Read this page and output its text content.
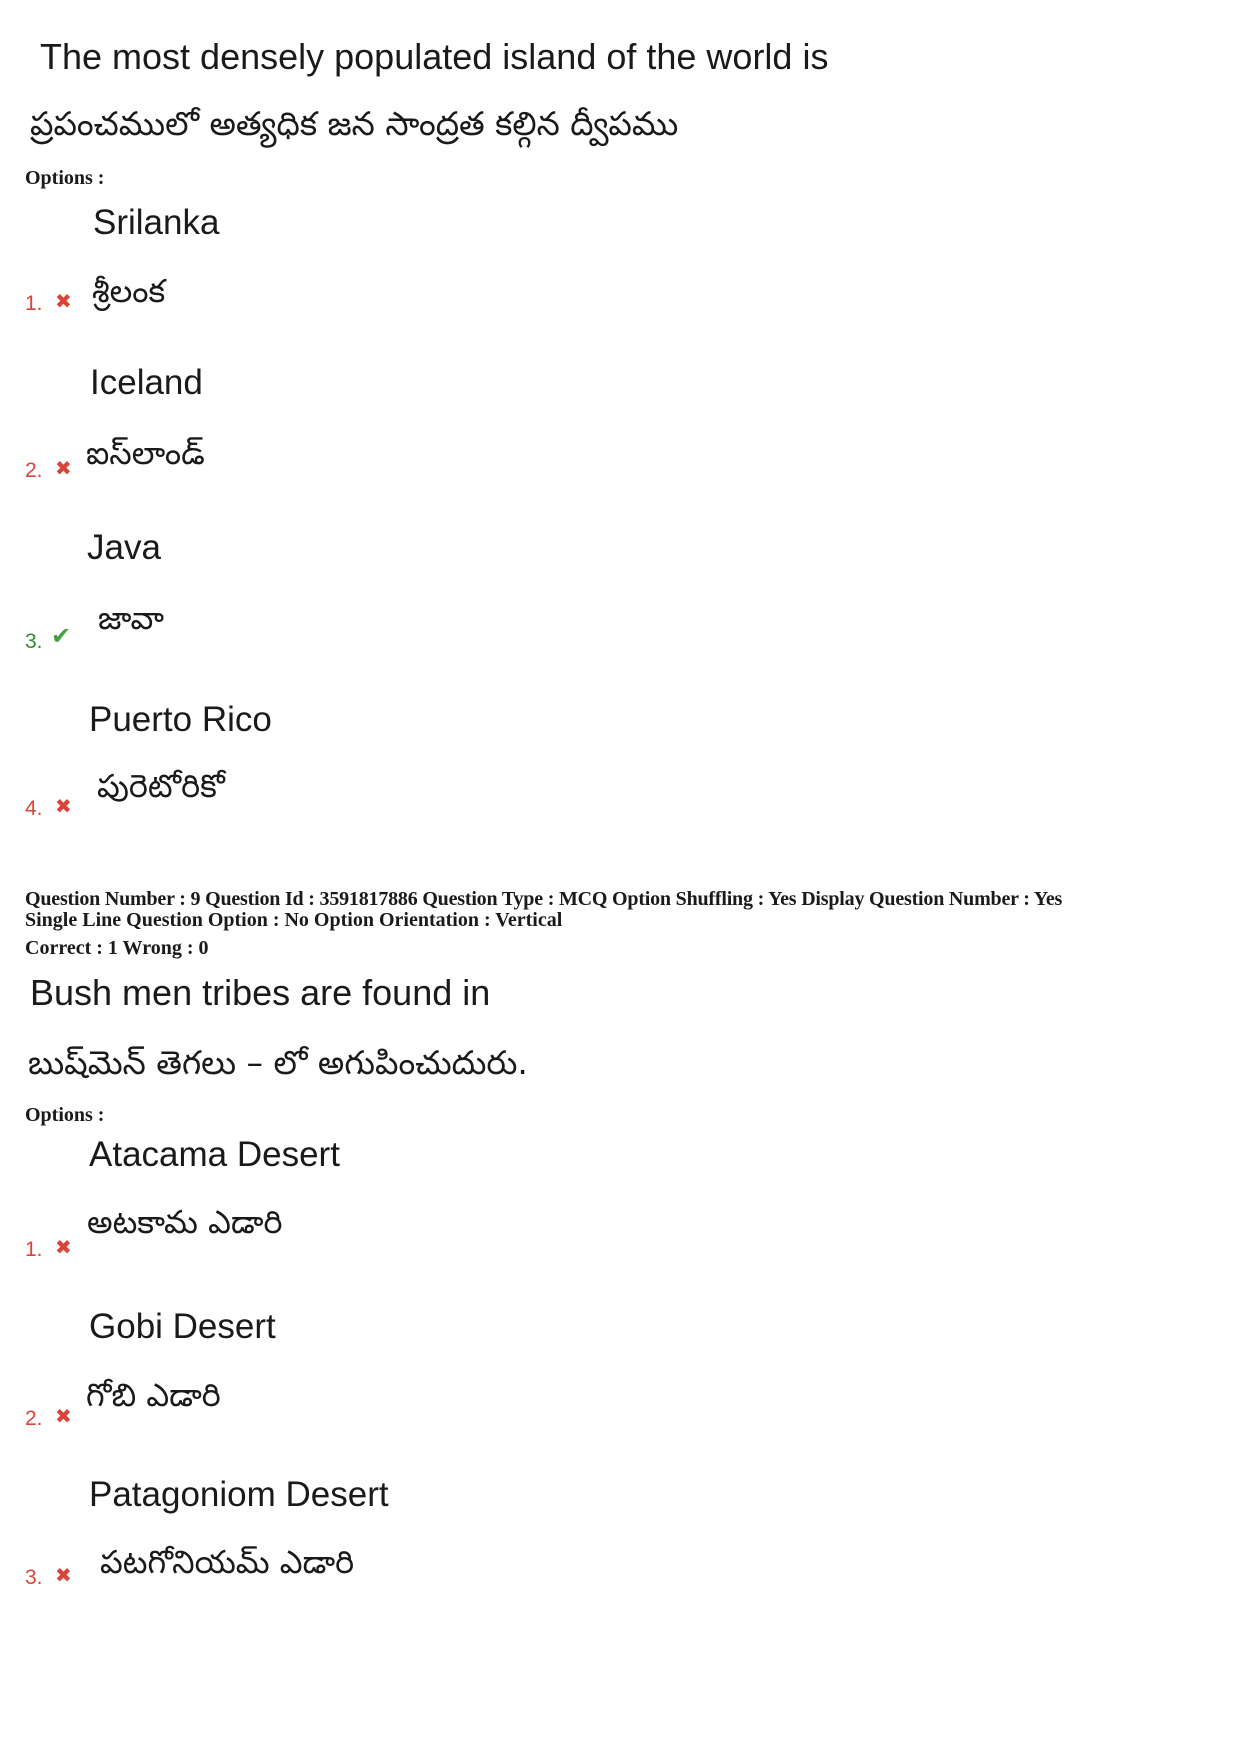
The most densely populated island of the world is
ప్రపంచములో అత్యధిక జన సాంద్రత కల్గిన ద్వీపము
Options :
Srilanka
1. ✖ శ్రీలంక
Iceland
2. ✖ ఐస్‌లాండ్
Java
3. ✔ జావా
Puerto Rico
4. ✖
పురెటోరికో
Question Number : 9 Question Id : 3591817886 Question Type : MCQ Option Shuffling : Yes Display Question Number : Yes
Single Line Question Option : No Option Orientation : Vertical
Correct : 1 Wrong : 0
Bush men tribes are found in
బుష్‌మెన్ తెగలు – లో అగుపించుదురు.
Options :
Atacama Desert
1. ✖
అటకామ ఎడారి
Gobi Desert
2. ✖
గోబి ఎడారి
Patagoniom Desert
3. ✖ పటగోనియమ్ ఎడారి
